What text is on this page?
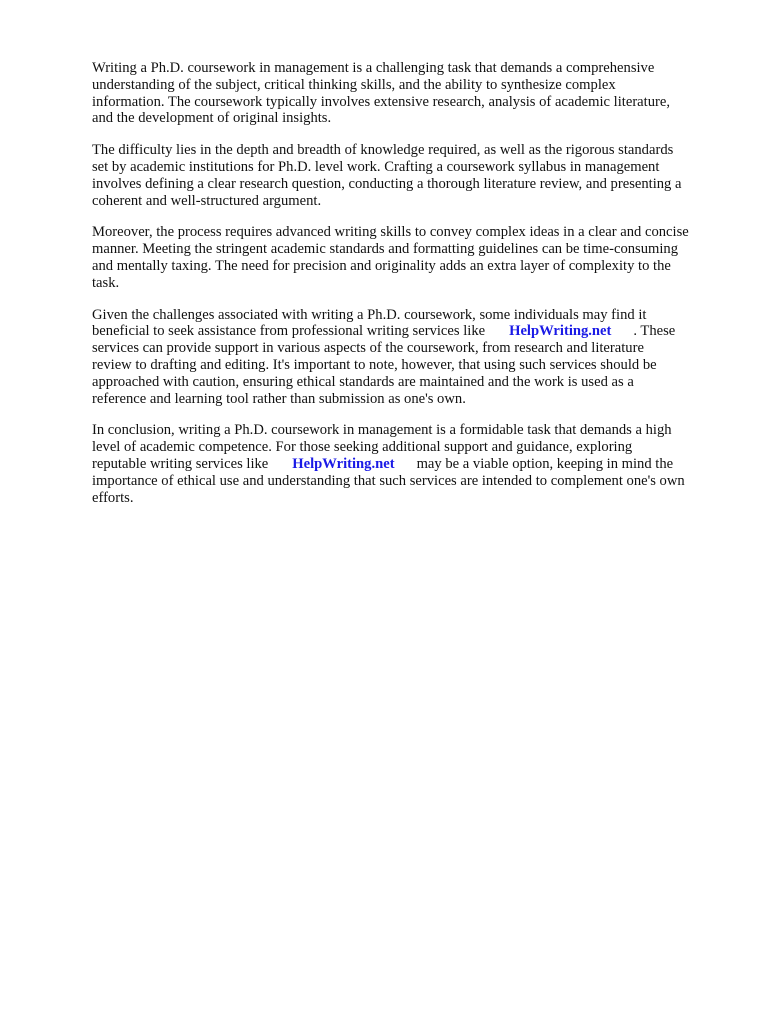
Writing a Ph.D. coursework in management is a challenging task that demands a comprehensive
understanding of the subject, critical thinking skills, and the ability to synthesize complex
information. The coursework typically involves extensive research, analysis of academic literature,
and the development of original insights.

The difficulty lies in the depth and breadth of knowledge required, as well as the rigorous standards
set by academic institutions for Ph.D. level work. Crafting a coursework syllabus in management
involves defining a clear research question, conducting a thorough literature review, and presenting a
coherent and well-structured argument.

Moreover, the process requires advanced writing skills to convey complex ideas in a clear and concise
manner. Meeting the stringent academic standards and formatting guidelines can be time-consuming
and mentally taxing. The need for precision and originality adds an extra layer of complexity to the
task.

Given the challenges associated with writing a Ph.D. coursework, some individuals may find it
beneficial to seek assistance from professional writing services like HelpWriting.net . These
services can provide support in various aspects of the coursework, from research and literature
review to drafting and editing. It's important to note, however, that using such services should be
approached with caution, ensuring ethical standards are maintained and the work is used as a
reference and learning tool rather than submission as one's own.

In conclusion, writing a Ph.D. coursework in management is a formidable task that demands a high
level of academic competence. For those seeking additional support and guidance, exploring
reputable writing services like HelpWriting.net may be a viable option, keeping in mind the
importance of ethical use and understanding that such services are intended to complement one's own
efforts.
